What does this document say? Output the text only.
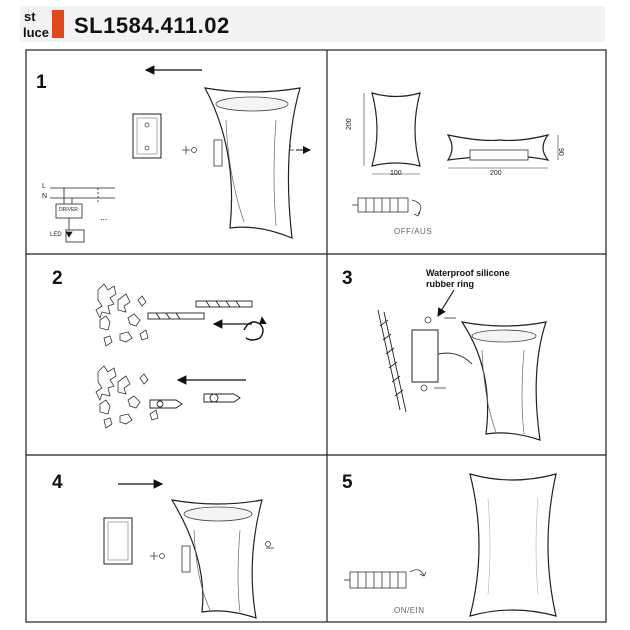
st
luce SL1584.411.02
1
2	3
4	5
L
N
DRIVER
LED
...
200
100	200
90
OFF/AUS
ON/EIN
Waterproof silicone
rubber ring
